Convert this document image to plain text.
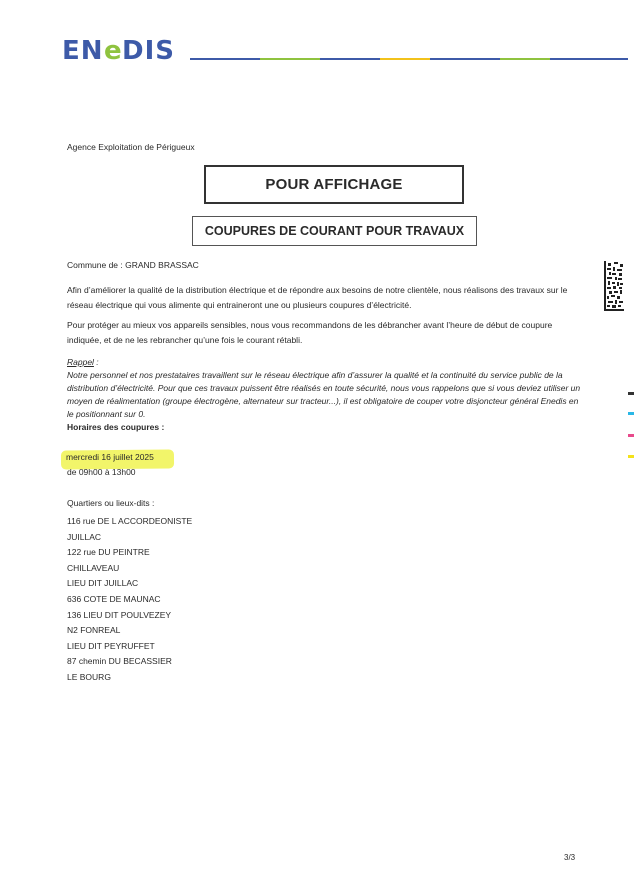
EN e DIS
Agence Exploitation de Périgueux
POUR AFFICHAGE
COUPURES DE COURANT POUR TRAVAUX
Commune de : GRAND BRASSAC
Afin d’améliorer la qualité de la distribution électrique et de répondre aux besoins de notre clientèle, nous réalisons des travaux sur le réseau électrique qui vous alimente qui entraineront une ou plusieurs coupures d’électricité.
Pour protéger au mieux vos appareils sensibles, nous vous recommandons de les débrancher avant l’heure de début de coupure indiquée, et de ne les rebrancher qu’une fois le courant rétabli.
Rappel :
Notre personnel et nos prestataires travaillent sur le réseau électrique afin d’assurer la qualité et la continuité du service public de la distribution d’électricité. Pour que ces travaux puissent être réalisés en toute sécurité, nous vous rappelons que si vous deviez utiliser un moyen de réalimentation (groupe électrogène, alternateur sur tracteur...), il est obligatoire de couper votre disjoncteur général Enedis en le positionnant sur 0.
Horaires des coupures :
mercredi 16 juillet 2025
de 09h00 à 13h00
Quartiers ou lieux-dits :
116 rue DE L ACCORDEONISTE
JUILLAC
122 rue DU PEINTRE
CHILLAVEAU
LIEU DIT JUILLAC
636 COTE DE MAUNAC
136 LIEU DIT POULVEZEY
N2 FONREAL
LIEU DIT PEYRUFFET
87 chemin DU BECASSIER
LE BOURG
3/3
